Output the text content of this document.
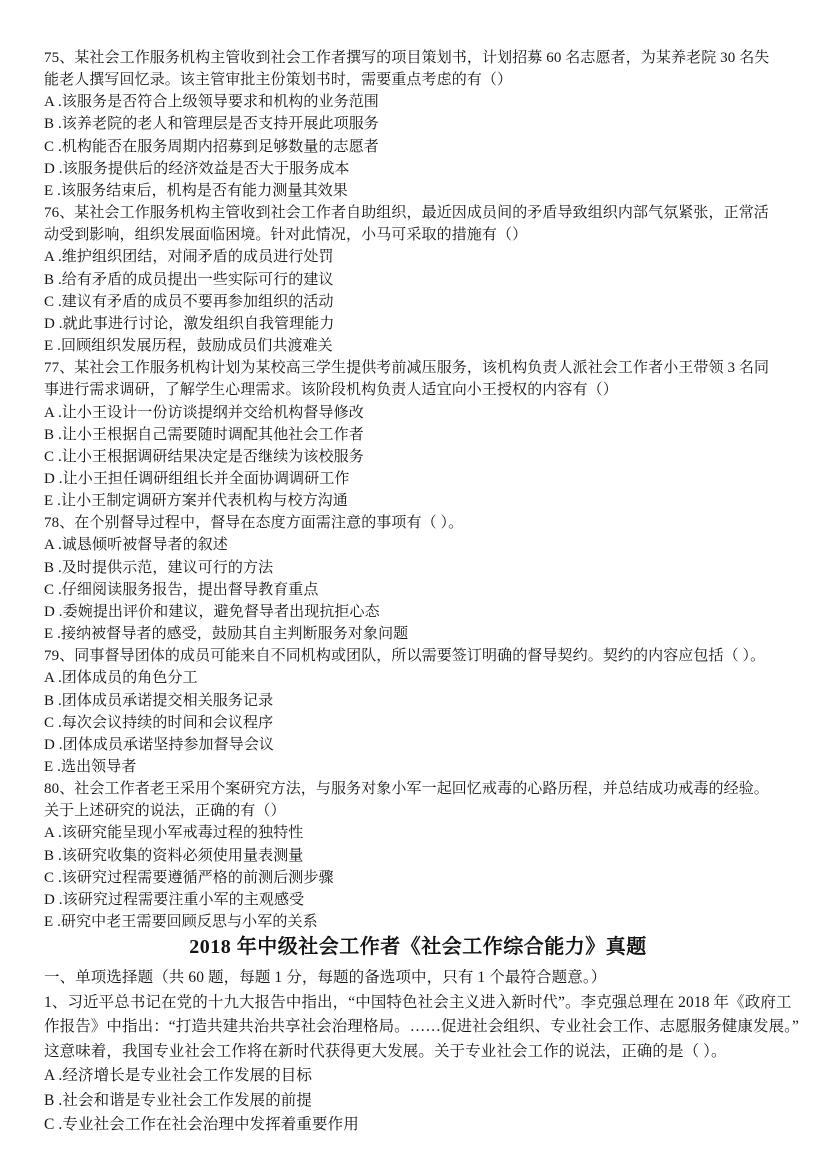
75、某社会工作服务机构主管收到社会工作者撰写的项目策划书，计划招募 60 名志愿者，为某养老院 30 名失
能老人撰写回忆录。该主管审批主份策划书时，需要重点考虑的有（）
A .该服务是否符合上级领导要求和机构的业务范围
B .该养老院的老人和管理层是否支持开展此项服务
C .机构能否在服务周期内招募到足够数量的志愿者
D .该服务提供后的经济效益是否大于服务成本
E .该服务结束后，机构是否有能力测量其效果
76、某社会工作服务机构主管收到社会工作者自助组织，最近因成员间的矛盾导致组织内部气氛紧张，正常活
动受到影响，组织发展面临困境。针对此情况，小马可采取的措施有（）
A .维护组织团结，对闹矛盾的成员进行处罚
B .给有矛盾的成员提出一些实际可行的建议
C .建议有矛盾的成员不要再参加组织的活动
D .就此事进行讨论，激发组织自我管理能力
E .回顾组织发展历程，鼓励成员们共渡难关
77、某社会工作服务机构计划为某校高三学生提供考前减压服务，该机构负责人派社会工作者小王带领 3 名同
事进行需求调研，了解学生心理需求。该阶段机构负责人适宜向小王授权的内容有（）
A .让小王设计一份访谈提纲并交给机构督导修改
B .让小王根据自己需要随时调配其他社会工作者
C .让小王根据调研结果决定是否继续为该校服务
D .让小王担任调研组组长并全面协调调研工作
E .让小王制定调研方案并代表机构与校方沟通
78、在个别督导过程中，督导在态度方面需注意的事项有（ ）。
A .诚恳倾听被督导者的叙述
B .及时提供示范，建议可行的方法
C .仔细阅读服务报告，提出督导教育重点
D .委婉提出评价和建议，避免督导者出现抗拒心态
E .接纳被督导者的感受，鼓励其自主判断服务对象问题
79、同事督导团体的成员可能来自不同机构或团队，所以需要签订明确的督导契约。契约的内容应包括（ ）。
A .团体成员的角色分工
B .团体成员承诺提交相关服务记录
C .每次会议持续的时间和会议程序
D .团体成员承诺坚持参加督导会议
E .选出领导者
80、社会工作者老王采用个案研究方法，与服务对象小军一起回忆戒毒的心路历程，并总结成功戒毒的经验。
关于上述研究的说法，正确的有（）
A .该研究能呈现小军戒毒过程的独特性
B .该研究收集的资料必须使用量表测量
C .该研究过程需要遵循严格的前测后测步骤
D .该研究过程需要注重小军的主观感受
E .研究中老王需要回顾反思与小军的关系
2018 年中级社会工作者《社会工作综合能力》真题
一、单项选择题（共 60 题，每题 1 分，每题的备选项中，只有 1 个最符合题意。）
1、习近平总书记在党的十九大报告中指出，“中国特色社会主义进入新时代”。李克强总理在 2018 年《政府工
作报告》中指出：“打造共建共治共享社会治理格局。……促进社会组织、专业社会工作、志愿服务健康发展。”
这意味着，我国专业社会工作将在新时代获得更大发展。关于专业社会工作的说法，正确的是（ ）。
A .经济增长是专业社会工作发展的目标
B .社会和谐是专业社会工作发展的前提
C .专业社会工作在社会治理中发挥着重要作用
